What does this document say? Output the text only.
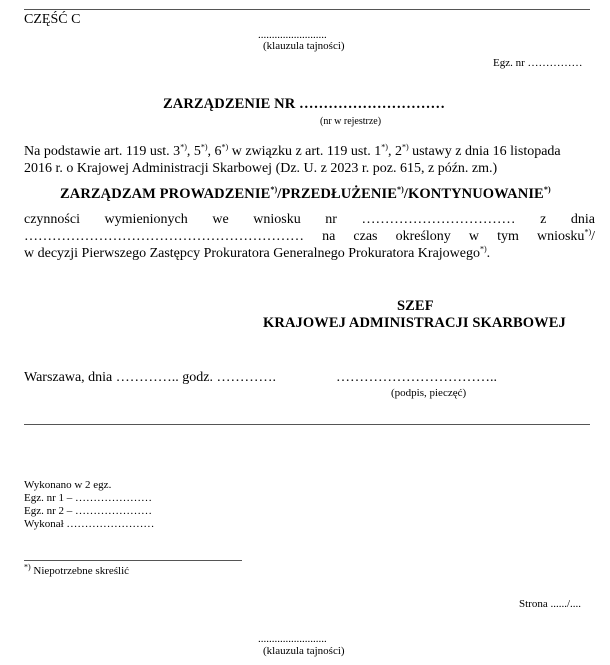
CZĘŚĆ C
.........................
(klauzula tajności)
Egz. nr ……………
ZARZĄDZENIE NR …………………………
(nr w rejestrze)
Na podstawie art. 119 ust. 3*), 5*), 6*) w związku z art. 119 ust. 1*), 2*) ustawy z dnia 16 listopada
2016 r. o Krajowej Administracji Skarbowej (Dz. U. z 2023 r. poz. 615, z późn. zm.)
ZARZĄDZAM PROWADZENIE*)/PRZEDŁUŻENIE*)/KONTYNUOWANIE*)
czynności wymienionych we wniosku nr …………………………… z dnia
…………………………………………………… na czas określony w tym wniosku*)/
w decyzji Pierwszego Zastępcy Prokuratora Generalnego Prokuratora Krajowego*).
SZEF
KRAJOWEJ ADMINISTRACJI SKARBOWEJ
Warszawa, dnia ………….. godz. ………….	……………………………..
(podpis, pieczęć)
Wykonano w 2 egz.
Egz. nr 1 – …………………
Egz. nr 2 – …………………
Wykonał ……………………
*) Niepotrzebne skreślić
Strona ....../....
.........................
(klauzula tajności)
